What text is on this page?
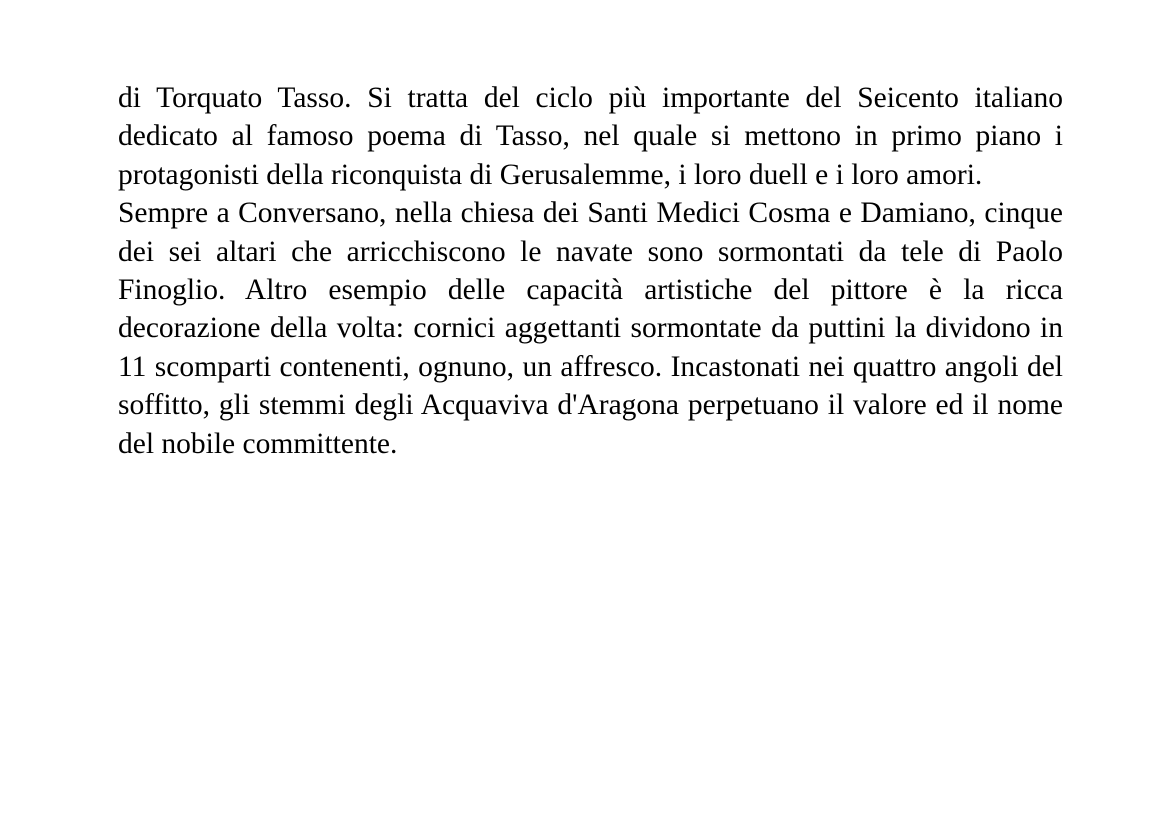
di Torquato Tasso. Si tratta del ciclo più importante del Seicento italiano dedicato al famoso poema di Tasso, nel quale si mettono in primo piano i protagonisti della riconquista di Gerusalemme, i loro duell e i loro amori.

Sempre a Conversano, nella chiesa dei Santi Medici Cosma e Damiano, cinque dei sei altari che arricchiscono le navate sono sormontati da tele di Paolo Finoglio. Altro esempio delle capacità artistiche del pittore è la ricca decorazione della volta: cornici aggettanti sormontate da puttini la dividono in 11 scomparti contenenti, ognuno, un affresco. Incastonati nei quattro angoli del soffitto, gli stemmi degli Acquaviva d'Aragona perpetuano il valore ed il nome del nobile committente.
